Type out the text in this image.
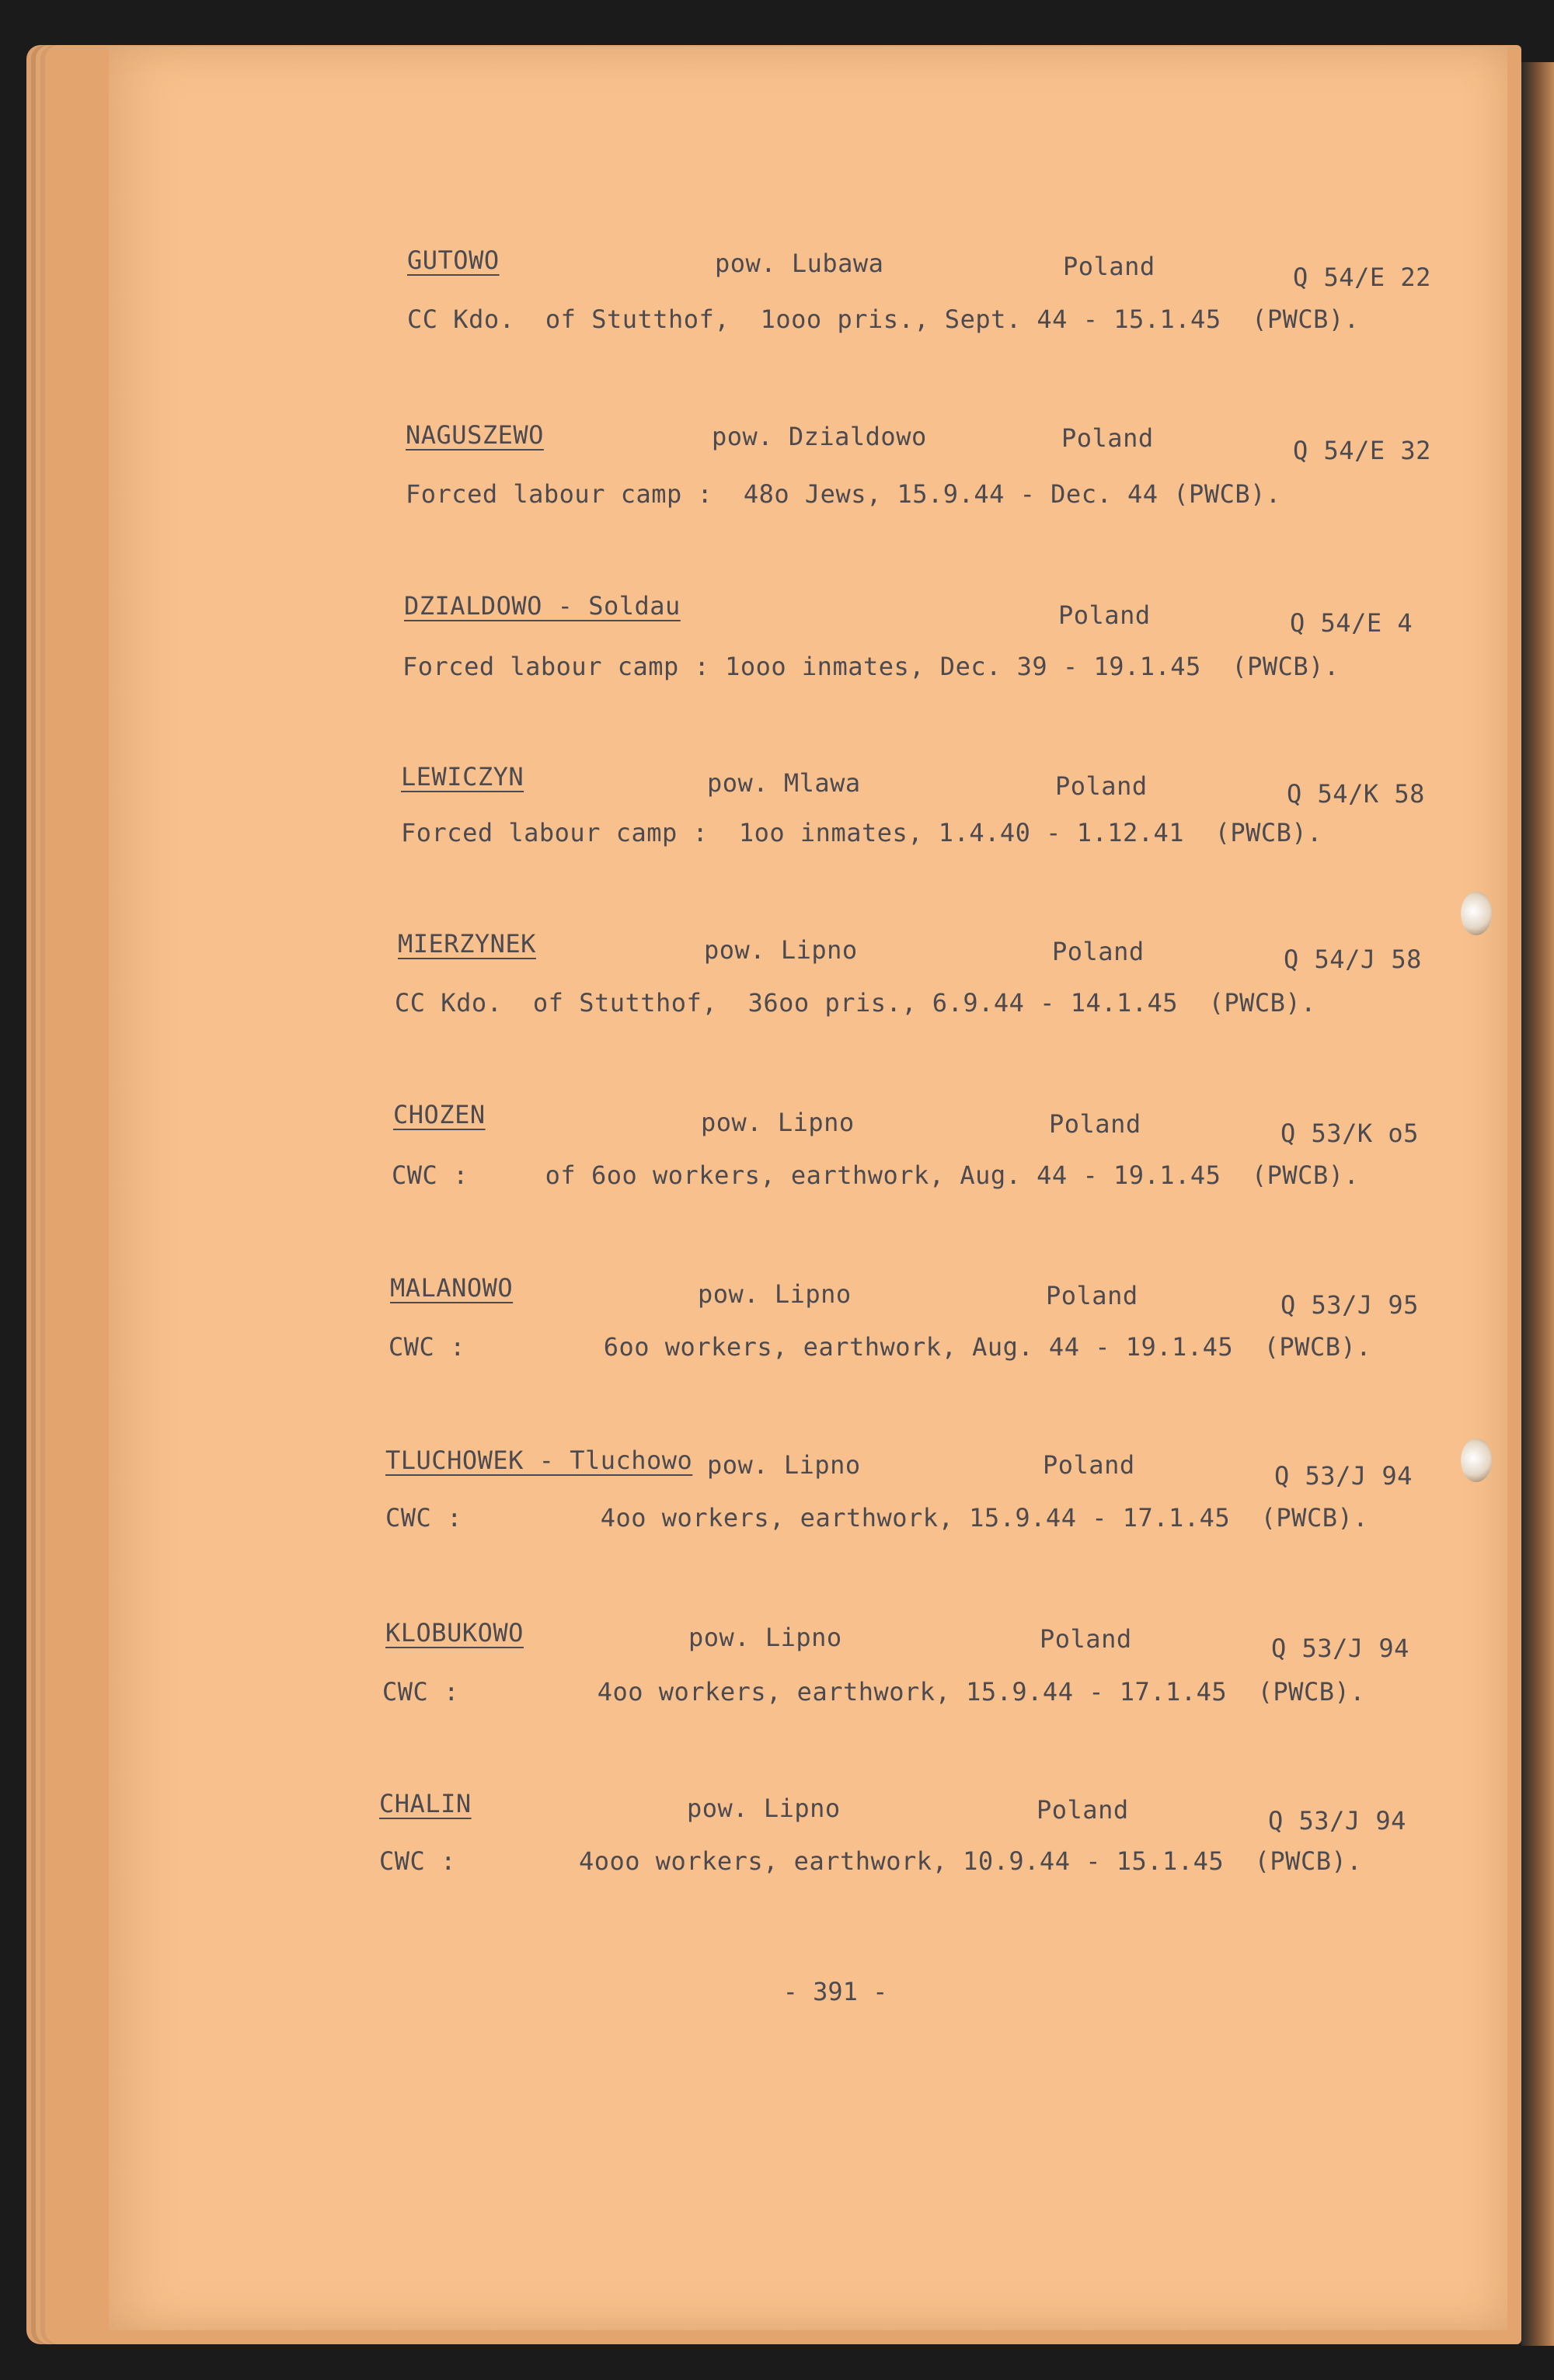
GUTOWO	pow. Lubawa	Poland	Q 54/E 22
CC Kdo.  of Stutthof,  1ooo pris., Sept. 44 - 15.1.45  (PWCB).
NAGUSZEWO	pow. Dzialdowo	Poland	Q 54/E 32
Forced labour camp :  48o Jews, 15.9.44 - Dec. 44 (PWCB).
DZIALDOWO - Soldau	Poland	Q 54/E 4
Forced labour camp : 1ooo inmates, Dec. 39 - 19.1.45  (PWCB).
LEWICZYN	pow. Mlawa	Poland	Q 54/K 58
Forced labour camp :  1oo inmates, 1.4.40 - 1.12.41  (PWCB).
MIERZYNEK	pow. Lipno	Poland	Q 54/J 58
CC Kdo.  of Stutthof,  36oo pris., 6.9.44 - 14.1.45  (PWCB).
CHOZEN	pow. Lipno	Poland	Q 53/K o5
CWC :     of 6oo workers, earthwork, Aug. 44 - 19.1.45  (PWCB).
MALANOWO	pow. Lipno	Poland	Q 53/J 95
CWC :         6oo workers, earthwork, Aug. 44 - 19.1.45  (PWCB).
TLUCHOWEK - Tluchowo pow. Lipno	Poland	Q 53/J 94
CWC :         4oo workers, earthwork, 15.9.44 - 17.1.45  (PWCB).
KLOBUKOWO	pow. Lipno	Poland	Q 53/J 94
CWC :         4oo workers, earthwork, 15.9.44 - 17.1.45  (PWCB).
CHALIN	pow. Lipno	Poland	Q 53/J 94
CWC :        4ooo workers, earthwork, 10.9.44 - 15.1.45  (PWCB).
- 391 -
